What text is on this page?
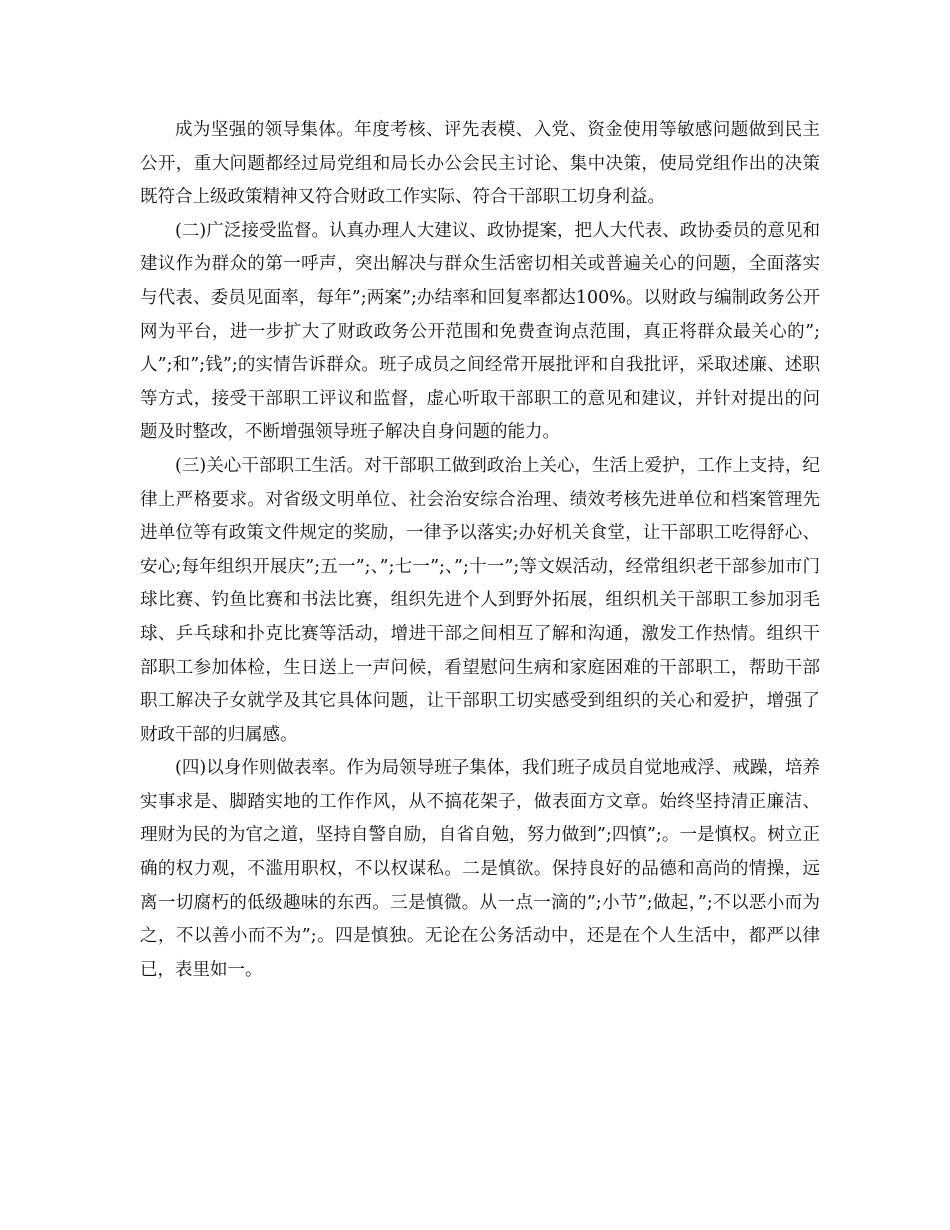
成为坚强的领导集体。年度考核、评先表模、入党、资金使用等敏感问题做到民主公开，重大问题都经过局党组和局长办公会民主讨论、集中决策，使局党组作出的决策既符合上级政策精神又符合财政工作实际、符合干部职工切身利益。

(二)广泛接受监督。认真办理人大建议、政协提案，把人大代表、政协委员的意见和建议作为群众的第一呼声，突出解决与群众生活密切相关或普遍关心的问题，全面落实与代表、委员见面率，每年”;两案”;办结率和回复率都达100%。以财政与编制政务公开网为平台，进一步扩大了财政政务公开范围和免费查询点范围，真正将群众最关心的”;人”;和”;钱”;的实情告诉群众。班子成员之间经常开展批评和自我批评，采取述廉、述职等方式，接受干部职工评议和监督，虚心听取干部职工的意见和建议，并针对提出的问题及时整改，不断增强领导班子解决自身问题的能力。

(三)关心干部职工生活。对干部职工做到政治上关心，生活上爱护，工作上支持，纪律上严格要求。对省级文明单位、社会治安综合治理、绩效考核先进单位和档案管理先进单位等有政策文件规定的奖励，一律予以落实;办好机关食堂，让干部职工吃得舒心、安心;每年组织开展庆”;五一”;、”;七一”;、”;十一”;等文娱活动，经常组织老干部参加市门球比赛、钓鱼比赛和书法比赛，组织先进个人到野外拓展，组织机关干部职工参加羽毛球、乒乓球和扑克比赛等活动，增进干部之间相互了解和沟通，激发工作热情。组织干部职工参加体检，生日送上一声问候，看望慰问生病和家庭困难的干部职工，帮助干部职工解决子女就学及其它具体问题，让干部职工切实感受到组织的关心和爱护，增强了财政干部的归属感。

(四)以身作则做表率。作为局领导班子集体，我们班子成员自觉地戒浮、戒躁，培养实事求是、脚踏实地的工作作风，从不搞花架子，做表面方文章。始终坚持清正廉洁、理财为民的为官之道，坚持自警自励，自省自勉，努力做到”;四慎”;。一是慎权。树立正确的权力观，不滥用职权，不以权谋私。二是慎欲。保持良好的品德和高尚的情操，远离一切腐朽的低级趣味的东西。三是慎微。从一点一滴的”;小节”;做起，”;不以恶小而为之，不以善小而不为”;。四是慎独。无论在公务活动中，还是在个人生活中，都严以律已，表里如一。
